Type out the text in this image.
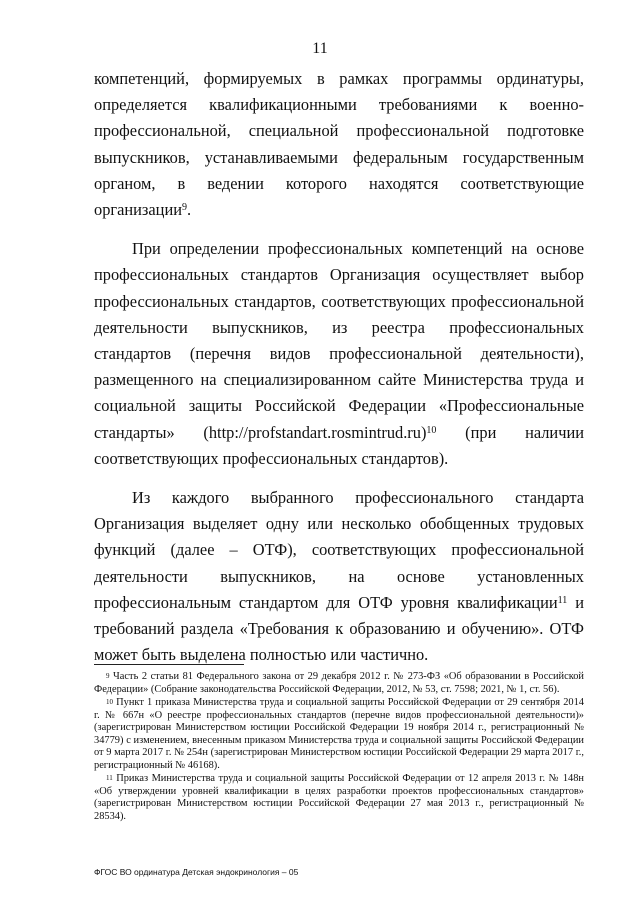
11

компетенций, формируемых в рамках программы ординатуры, определяется квалификационными требованиями к военно-профессиональной, специальной профессиональной подготовке выпускников, устанавливаемыми федеральным государственным органом, в ведении которого находятся соответствующие организации$^9$.

При определении профессиональных компетенций на основе профессиональных стандартов Организация осуществляет выбор профессиональных стандартов, соответствующих профессиональной деятельности выпускников, из реестра профессиональных стандартов (перечня видов профессиональной деятельности), размещенного на специализированном сайте Министерства труда и социальной защиты Российской Федерации «Профессиональные стандарты» (http://profstandart.rosmintrud.ru)$^{10}$ (при наличии соответствующих профессиональных стандартов).

Из каждого выбранного профессионального стандарта Организация выделяет одну или несколько обобщенных трудовых функций (далее – ОТФ), соответствующих профессиональной деятельности выпускников, на основе установленных профессиональным стандартом для ОТФ уровня квалификации$^{11}$ и требований раздела «Требования к образованию и обучению». ОТФ может быть выделена полностью или частично.

$^9$ Часть 2 статьи 81 Федерального закона от 29 декабря 2012 г. № 273-ФЗ «Об образовании в Российской Федерации» (Собрание законодательства Российской Федерации, 2012, № 53, ст. 7598; 2021, № 1, ст. 56).

$^{10}$ Пункт 1 приказа Министерства труда и социальной защиты Российской Федерации от 29 сентября 2014 г. № 667н «О реестре профессиональных стандартов (перечне видов профессиональной деятельности)» (зарегистрирован Министерством юстиции Российской Федерации 19 ноября 2014 г., регистрационный № 34779) с изменением, внесенным приказом Министерства труда и социальной защиты Российской Федерации от 9 марта 2017 г. № 254н (зарегистрирован Министерством юстиции Российской Федерации 29 марта 2017 г., регистрационный № 46168).

$^{11}$ Приказ Министерства труда и социальной защиты Российской Федерации от 12 апреля 2013 г. № 148н «Об утверждении уровней квалификации в целях разработки проектов профессиональных стандартов» (зарегистрирован Министерством юстиции Российской Федерации 27 мая 2013 г., регистрационный № 28534).

ФГОС ВО ординатура Детская эндокринология – 05
